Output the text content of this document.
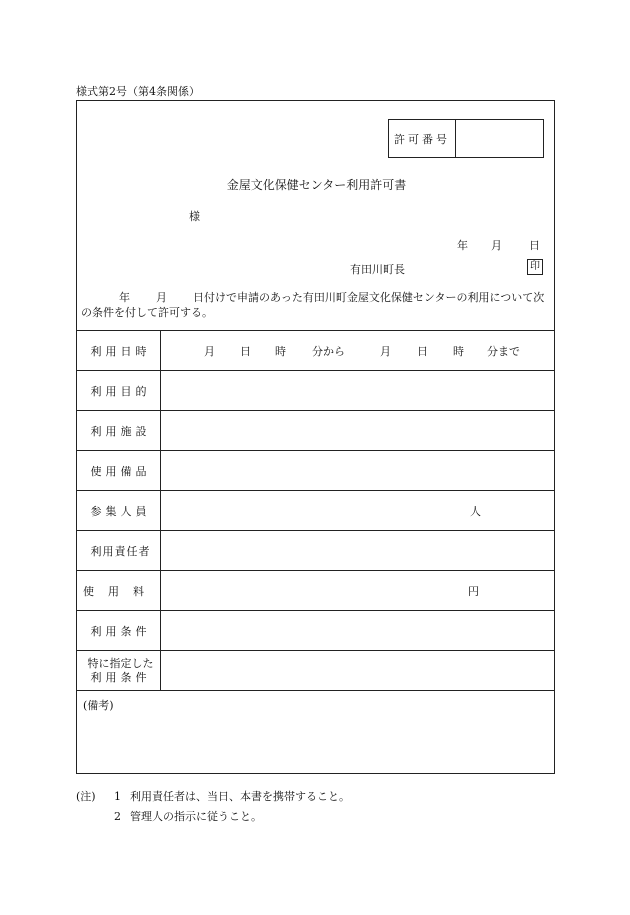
様式第2号（第4条関係）
許可番号
金屋文化保健センター利用許可書
様
年 月 日
有田川町長	印
年 月 日付けで申請のあった有田川町金屋文化保健センターの利用について次の条件を付して許可する。
利用日時	月 日 時 分から	月 日 時 分まで
利用目的
利用施設
使用備品
参集人員	人
利用責任者
使用料	円
利用条件
特に指定した
利用条件
(備考)
(注)	1 利用責任者は、当日、本書を携帯すること。
2 管理人の指示に従うこと。
